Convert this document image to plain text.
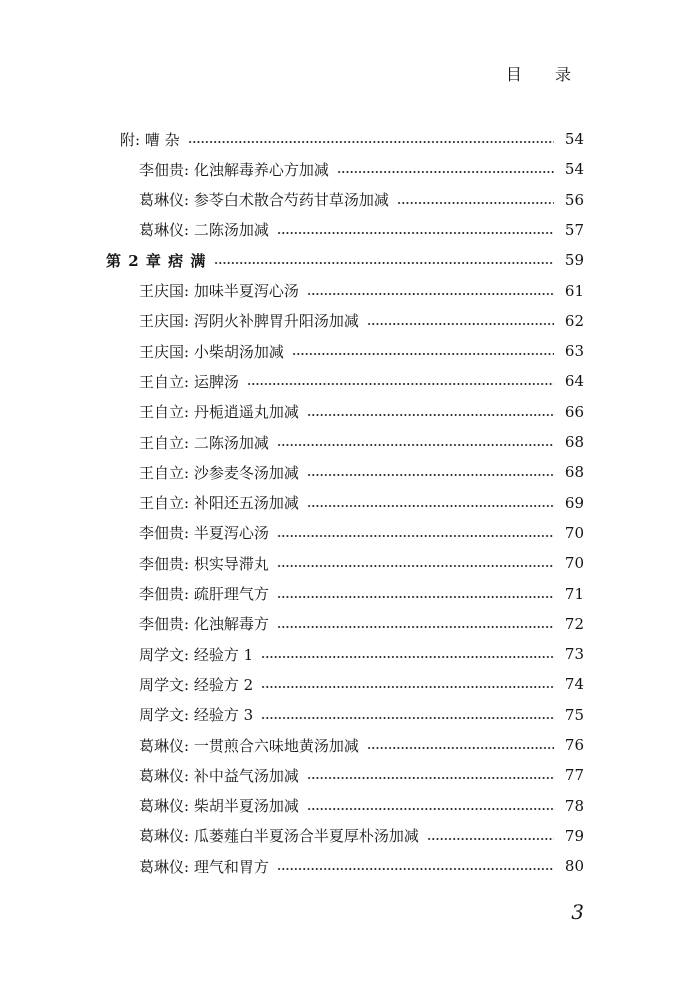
目 录
附: 嘈 杂	54
李佃贵: 化浊解毒养心方加减	54
葛琳仪: 参苓白术散合芍药甘草汤加减	56
葛琳仪: 二陈汤加减	57
第 2 章 痞 满	59
王庆国: 加味半夏泻心汤	61
王庆国: 泻阴火补脾胃升阳汤加减	62
王庆国: 小柴胡汤加减	63
王自立: 运脾汤	64
王自立: 丹栀逍遥丸加减	66
王自立: 二陈汤加减	68
王自立: 沙参麦冬汤加减	68
王自立: 补阳还五汤加减	69
李佃贵: 半夏泻心汤	70
李佃贵: 枳实导滞丸	70
李佃贵: 疏肝理气方	71
李佃贵: 化浊解毒方	72
周学文: 经验方 1	73
周学文: 经验方 2	74
周学文: 经验方 3	75
葛琳仪: 一贯煎合六味地黄汤加减	76
葛琳仪: 补中益气汤加减	77
葛琳仪: 柴胡半夏汤加减	78
葛琳仪: 瓜蒌薤白半夏汤合半夏厚朴汤加减	79
葛琳仪: 理气和胃方	80
3
